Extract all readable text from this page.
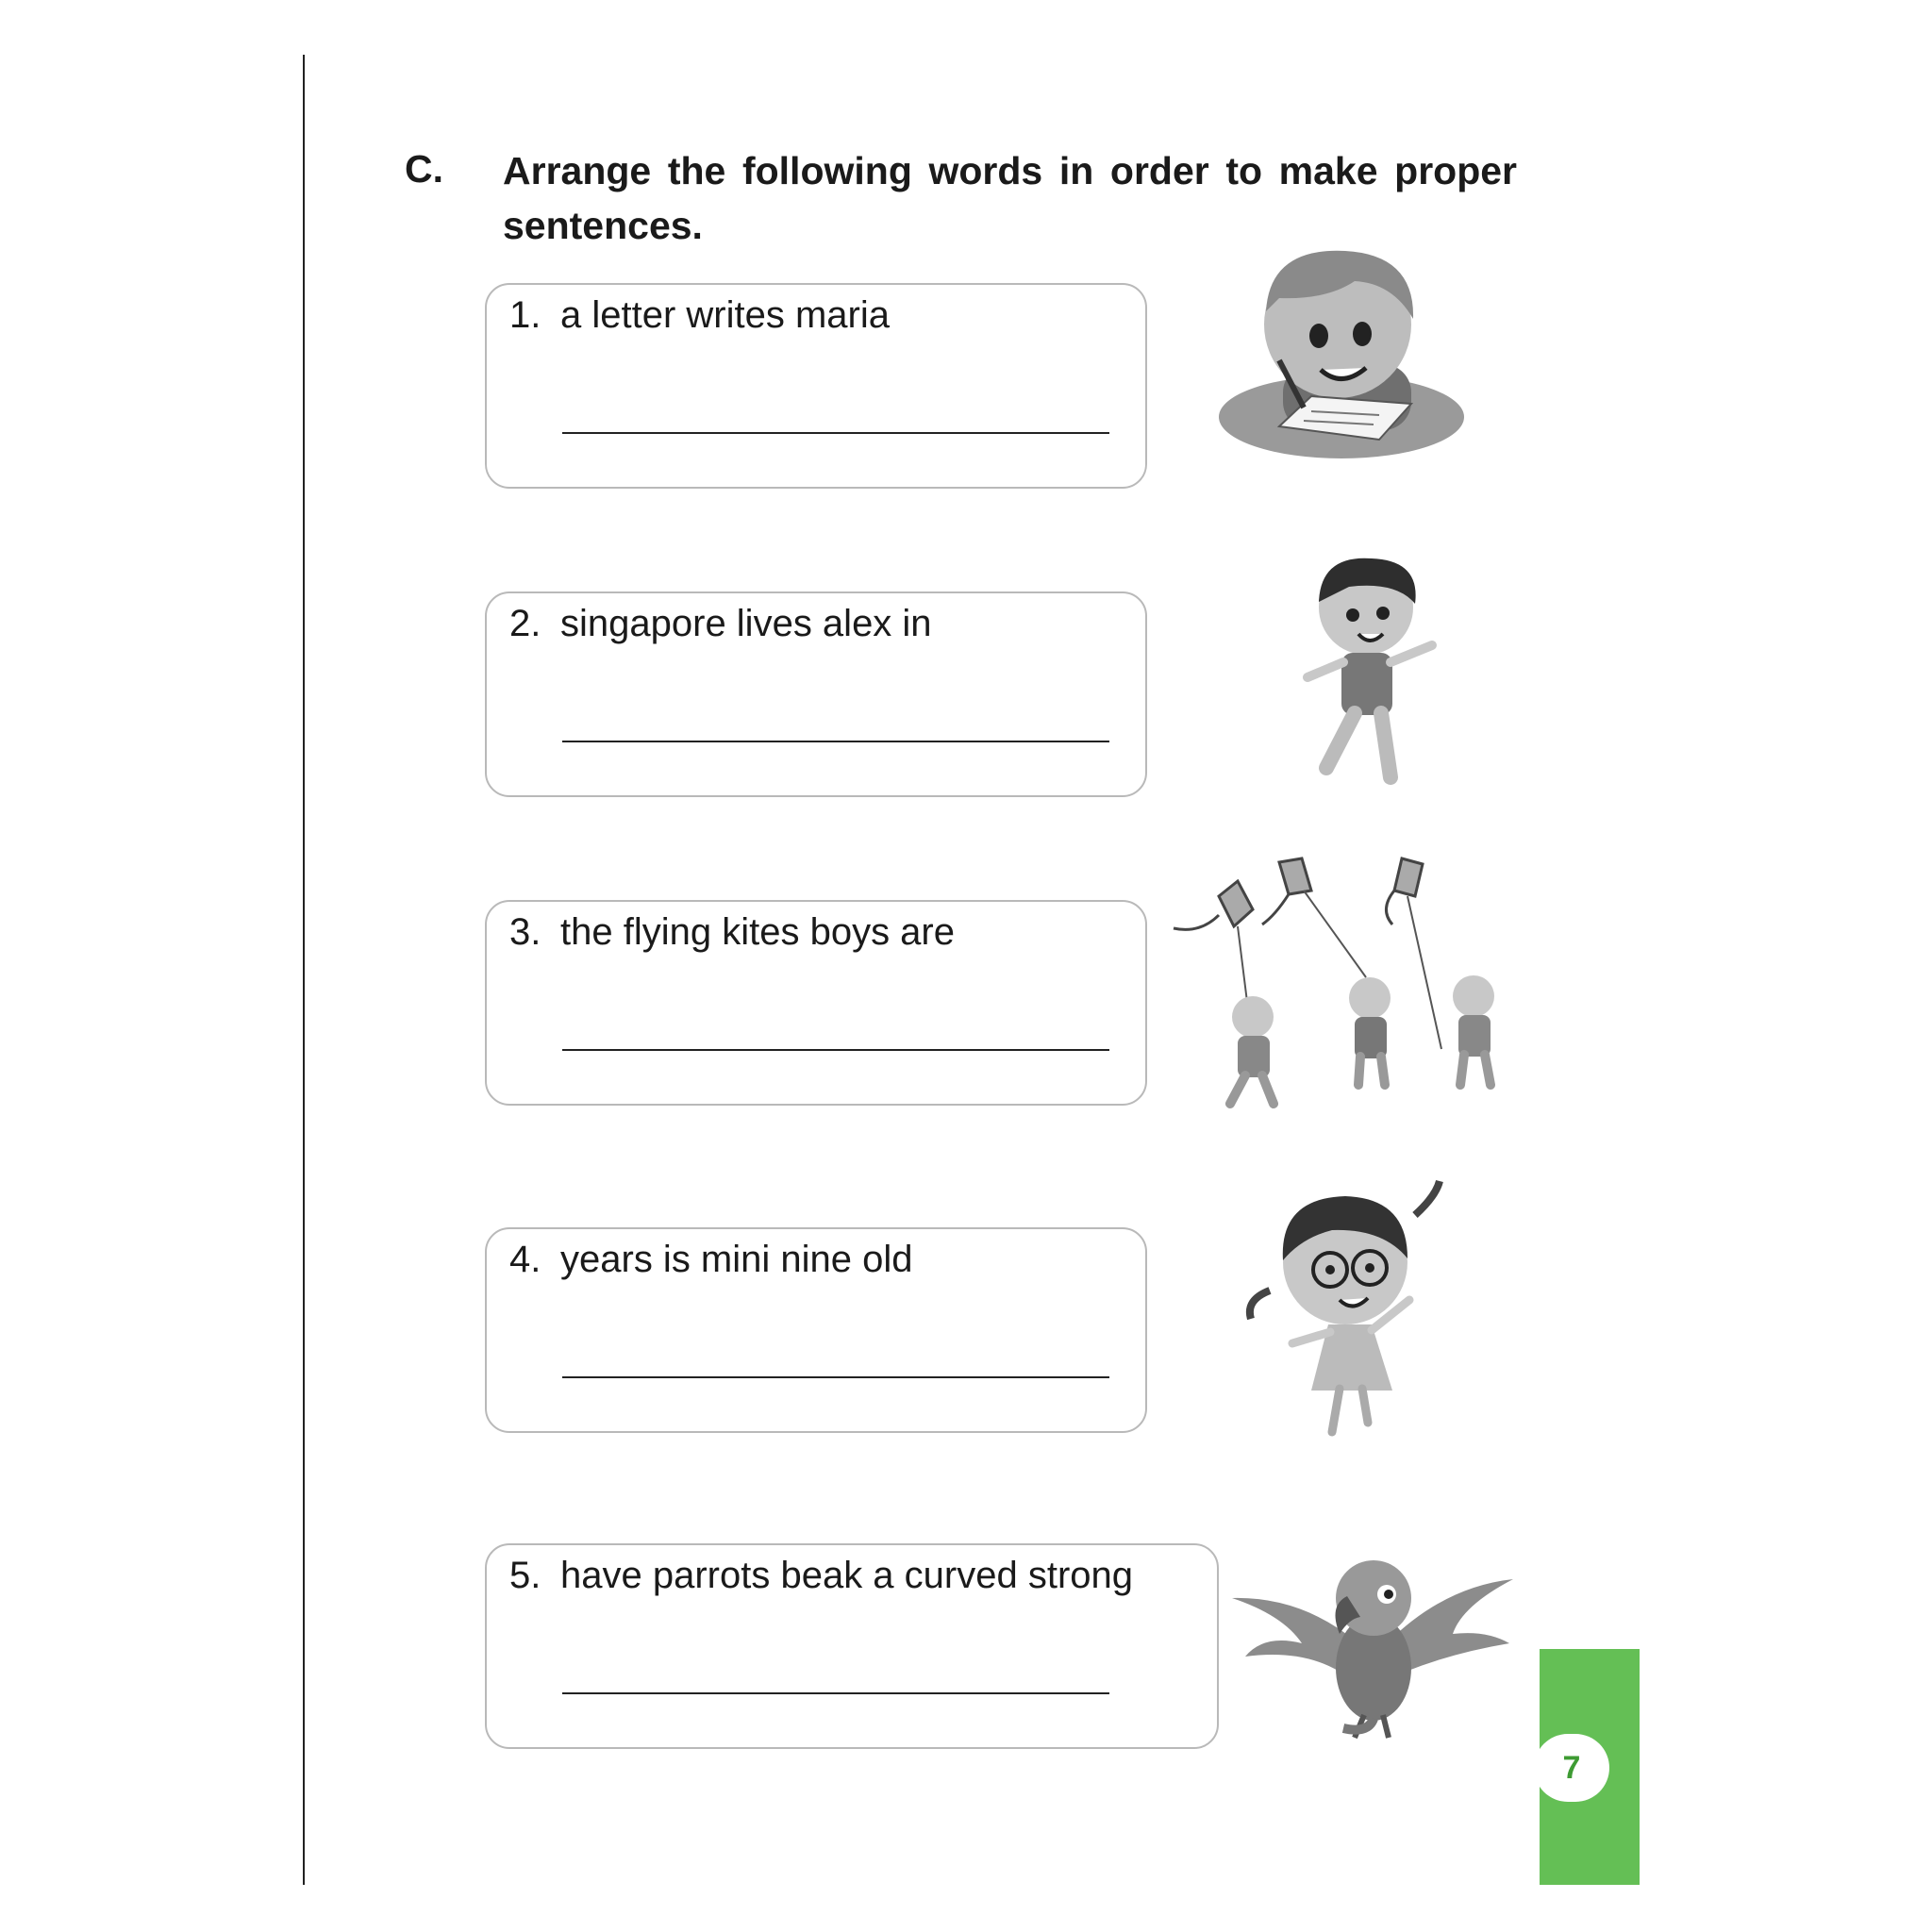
C. Arrange the following words in order to make proper sentences.
1. a letter writes maria
2. singapore lives alex in
3. the flying kites boys are
4. years is mini nine old
5. have parrots beak a curved strong
7
